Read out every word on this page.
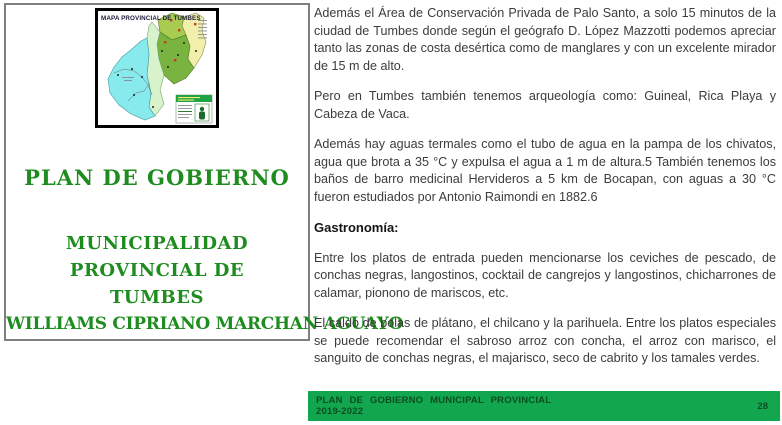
MAPA PROVINCIAL DE TUMBES
PLAN DE GOBIERNO
MUNICIPALIDAD PROVINCIAL DE
TUMBES
WILLIAMS CIPRIANO MARCHAN AGUAYO

Además el Área de Conservación Privada de Palo Santo, a solo 15 minutos de la ciudad de Tumbes donde según el geógrafo D. López Mazzotti podemos apreciar tanto las zonas de costa desértica como de manglares y con un excelente mirador de 15 m de alto.

Pero en Tumbes también tenemos arqueología como: Guineal, Rica Playa y Cabeza de Vaca.

Además hay aguas termales como el tubo de agua en la pampa de los chivatos, agua que brota a 35 °C y expulsa el agua a 1 m de altura.5 También tenemos los baños de barro medicinal Hervideros a 5 km de Bocapan, con aguas a 30 °C fueron estudiados por Antonio Raimondi en 1882.6

Gastronomía:

Entre los platos de entrada pueden mencionarse los ceviches de pescado, de conchas negras, langostinos, cocktail de cangrejos y langostinos, chicharrones de calamar, pionono de mariscos, etc.

El caldo de bolas de plátano, el chilcano y la parihuela. Entre los platos especiales se puede recomendar el sabroso arroz con concha, el arroz con marisco, el sanguito de conchas negras, el majarisco, seco de cabrito y los tamales verdes.

PLAN DE GOBIERNO MUNICIPAL PROVINCIAL
2019-2022	28
